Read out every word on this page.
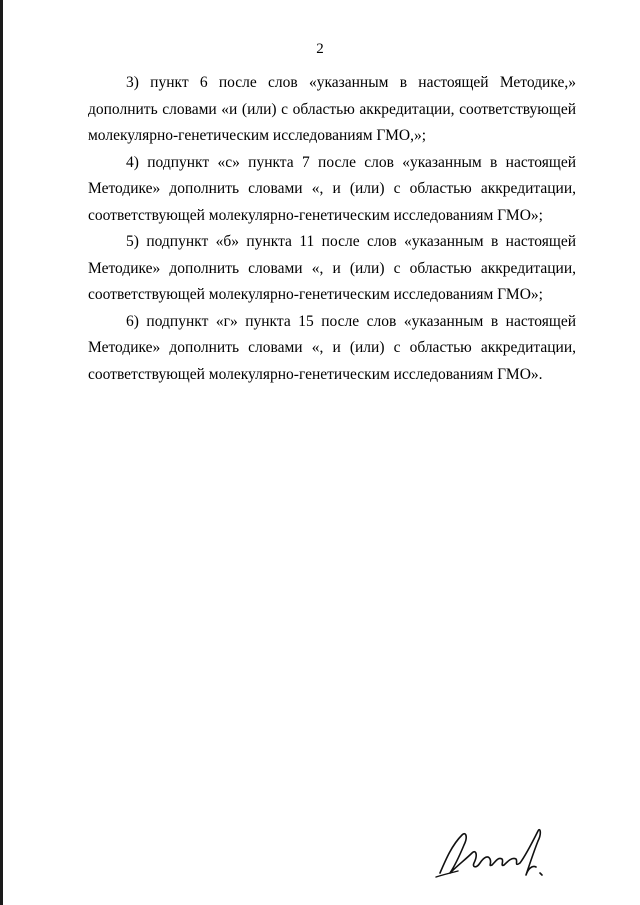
2

3) пункт 6 после слов «указанным в настоящей Методике,» дополнить словами «и (или) с областью аккредитации, соответствующей молекулярно-генетическим исследованиям ГМО,»;

4) подпункт «с» пункта 7 после слов «указанным в настоящей Методике» дополнить словами «, и (или) с областью аккредитации, соответствующей молекулярно-генетическим исследованиям ГМО»;

5) подпункт «б» пункта 11 после слов «указанным в настоящей Методике» дополнить словами «, и (или) с областью аккредитации, соответствующей молекулярно-генетическим исследованиям ГМО»;

6) подпункт «г» пункта 15 после слов «указанным в настоящей Методике» дополнить словами «, и (или) с областью аккредитации, соответствующей молекулярно-генетическим исследованиям ГМО».
